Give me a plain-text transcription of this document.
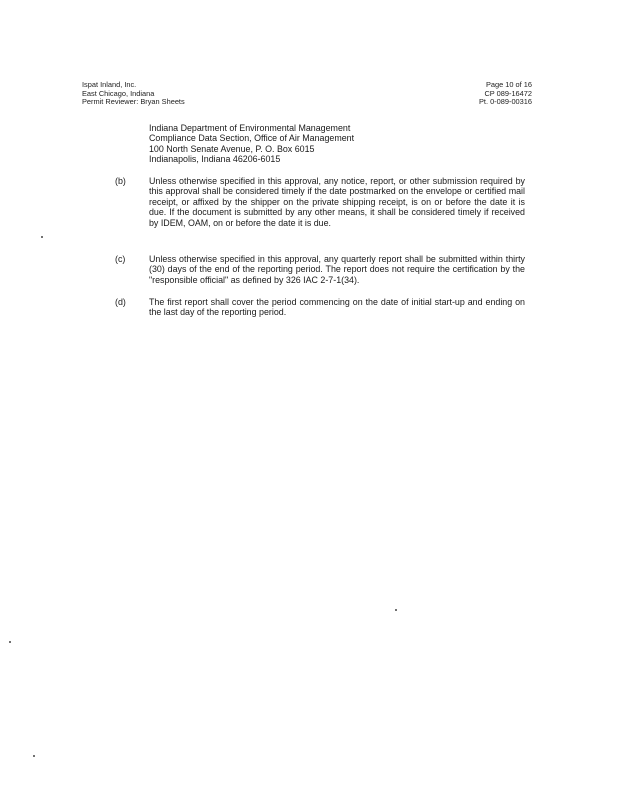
Ispat Inland, Inc.
East Chicago, Indiana
Permit Reviewer: Bryan Sheets
Page 10 of 16
CP 089-16472
Pt. 0-089-00316
Indiana Department of Environmental Management
Compliance Data Section, Office of Air Management
100 North Senate Avenue, P. O. Box 6015
Indianapolis, Indiana 46206-6015
(b)	Unless otherwise specified in this approval, any notice, report, or other submission required by this approval shall be considered timely if the date postmarked on the envelope or certified mail receipt, or affixed by the shipper on the private shipping receipt, is on or before the date it is due. If the document is submitted by any other means, it shall be considered timely if received by IDEM, OAM, on or before the date it is due.
(c)	Unless otherwise specified in this approval, any quarterly report shall be submitted within thirty (30) days of the end of the reporting period. The report does not require the certification by the "responsible official" as defined by 326 IAC 2-7-1(34).
(d)	The first report shall cover the period commencing on the date of initial start-up and ending on the last day of the reporting period.
